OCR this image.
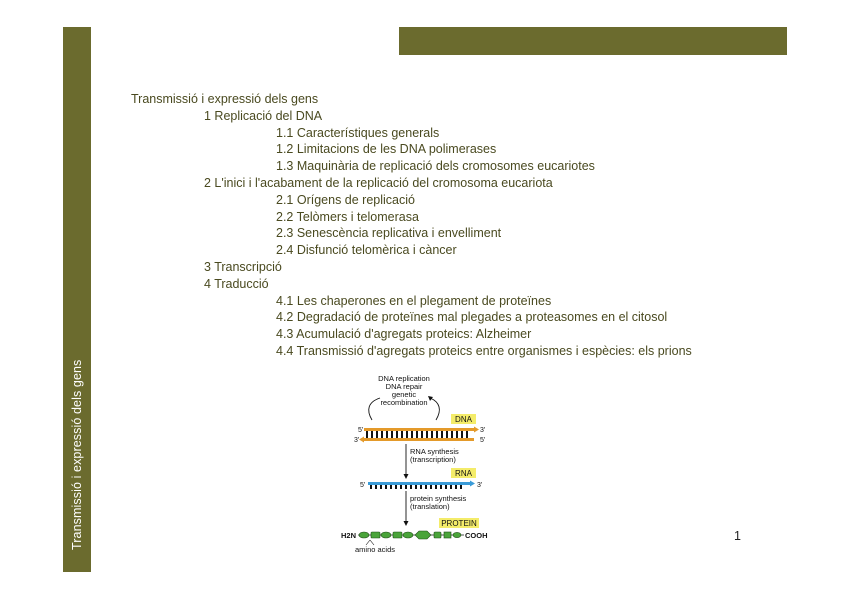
Transmissió i expressió dels gens
Transmissió i expressió dels gens
1 Replicació del DNA
1.1 Característiques generals
1.2 Limitacions de les DNA polimerases
1.3 Maquinària de replicació dels cromosomes eucariotes
2 L'inici i l'acabament de la replicació del cromosoma eucariota
2.1 Orígens de replicació
2.2 Telòmers i telomerasa
2.3 Senescència replicativa i envelliment
2.4 Disfunció telomèrica i càncer
3 Transcripció
4 Traducció
4.1 Les chaperones en el plegament de proteïnes
4.2 Degradació de proteïnes mal plegades a proteasomes en el citosol
4.3 Acumulació d'agregats proteics: Alzheimer
4.4 Transmissió d'agregats proteics entre organismes i espècies: els prions
DNA replication
DNA repair
genetic
recombination
DNA
5'	3'
3'	5'
RNA synthesis
(transcription)
RNA
5'	3'
protein synthesis
(translation)
PROTEIN
H2N	COOH
amino acids
1
